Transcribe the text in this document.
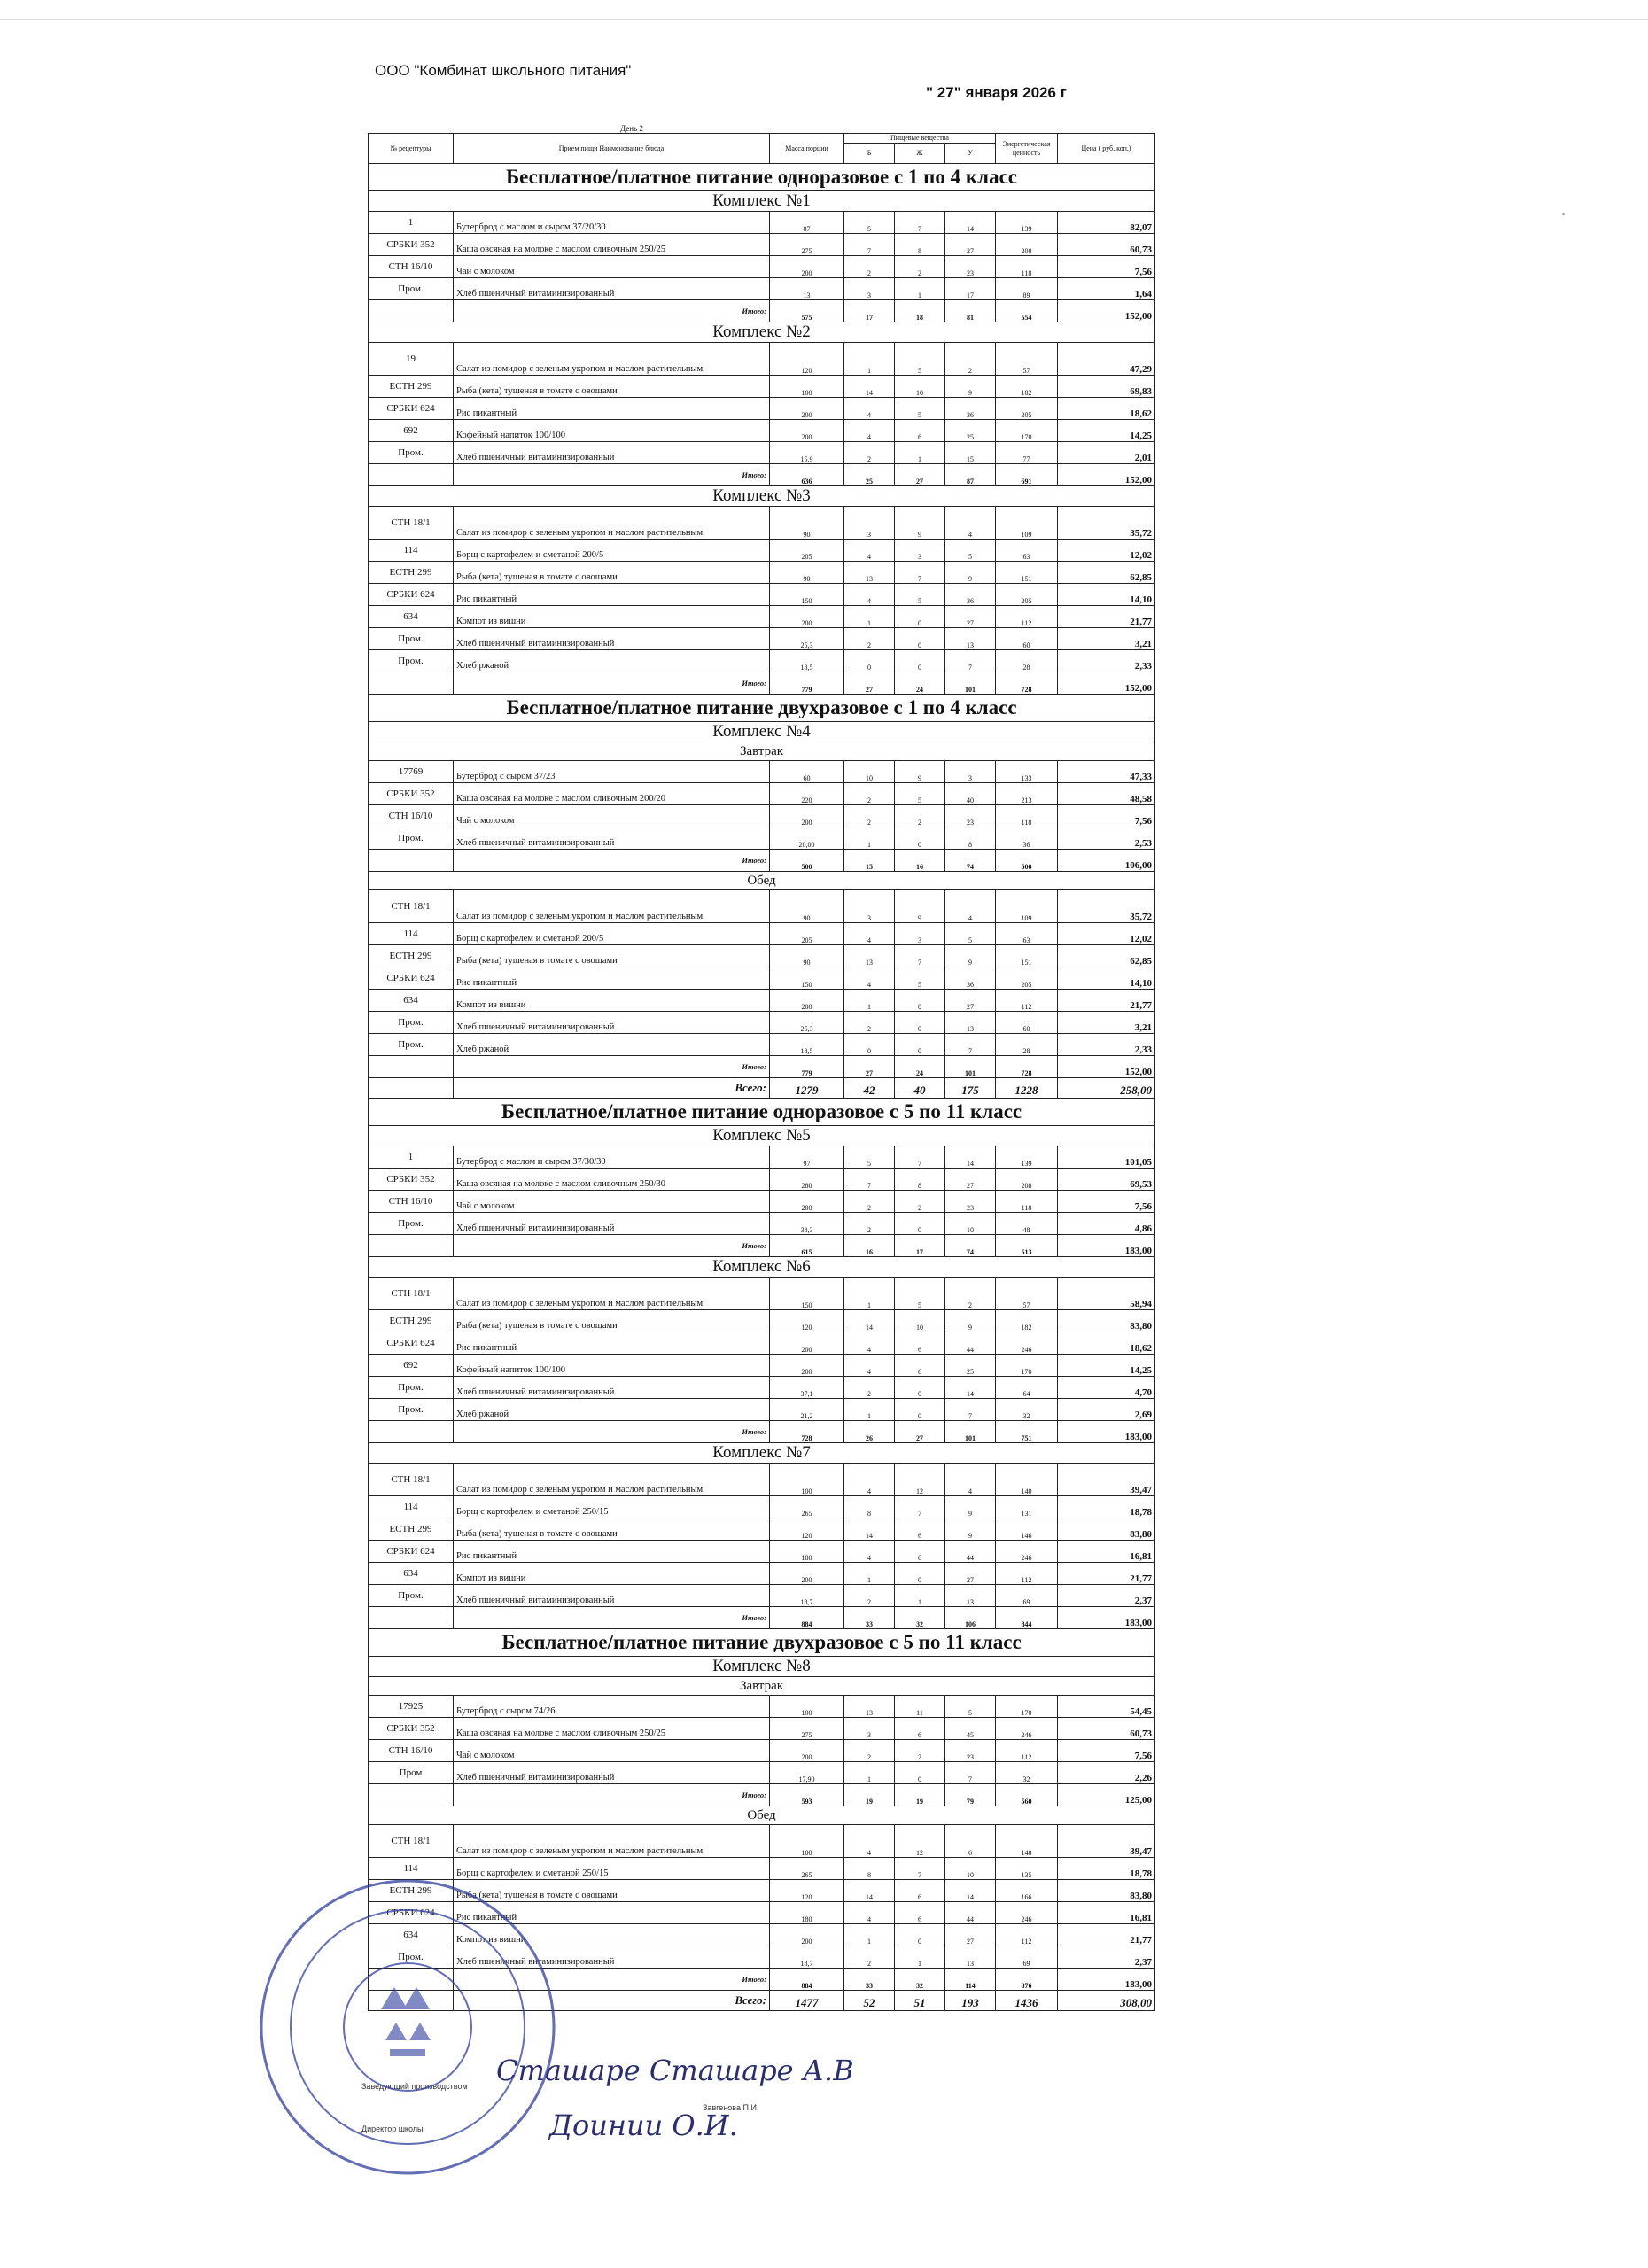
ООО "Комбинат школьного питания"
" 27" января 2026 г
День 2
№ рецептуры	Прием пищи Наименование блюда	Масса порции	Пищевые вещества			Энергетическая ценность	Цена ( руб.,коп.)
			Б	Ж	У		
Бесплатное/платное питание одноразовое с 1 по 4 класс							
Комплекс №1							
1	Бутерброд с маслом и сыром 37/20/30	87	5	7	14	139	82,07
СРБКИ 352	Каша овсяная на молоке с маслом сливочным 250/25	275	7	8	27	208	60,73
СТН 16/10	Чай с молоком	200	2	2	23	118	7,56
Пром.	Хлеб пшеничный витаминизированный	13	3	1	17	89	1,64
	Итого:	575	17	18	81	554	152,00
Комплекс №2							
19	Салат из помидор с зеленым укропом и маслом растительным	120	1	5	2	57	47,29
ЕСТН 299	Рыба (кета) тушеная в томате с овощами	100	14	10	9	182	69,83
СРБКИ 624	Рис пикантный	200	4	5	36	205	18,62
692	Кофейный напиток 100/100	200	4	6	25	170	14,25
Пром.	Хлеб пшеничный витаминизированный	15,9	2	1	15	77	2,01
	Итого:	636	25	27	87	691	152,00
Комплекс №3							
СТН 18/1	Салат из помидор с зеленым укропом и маслом растительным	90	3	9	4	109	35,72
114	Борщ с картофелем и сметаной 200/5	205	4	3	5	63	12,02
ЕСТН 299	Рыба (кета) тушеная в томате с овощами	90	13	7	9	151	62,85
СРБКИ 624	Рис пикантный	150	4	5	36	205	14,10
634	Компот из вишни	200	1	0	27	112	21,77
Пром.	Хлеб пшеничный витаминизированный	25,3	2	0	13	60	3,21
Пром.	Хлеб ржаной	18,5	0	0	7	28	2,33
	Итого:	779	27	24	101	728	152,00
Бесплатное/платное питание двухразовое с 1 по 4 класс							
Комплекс №4							
Завтрак							
17769	Бутерброд с сыром 37/23	60	10	9	3	133	47,33
СРБКИ 352	Каша овсяная на молоке с маслом сливочным 200/20	220	2	5	40	213	48,58
СТН 16/10	Чай с молоком	200	2	2	23	118	7,56
Пром.	Хлеб пшеничный витаминизированный	20,00	1	0	8	36	2,53
	Итого:	500	15	16	74	500	106,00
Обед							
СТН 18/1	Салат из помидор с зеленым укропом и маслом растительным	90	3	9	4	109	35,72
114	Борщ с картофелем и сметаной 200/5	205	4	3	5	63	12,02
ЕСТН 299	Рыба (кета) тушеная в томате с овощами	90	13	7	9	151	62,85
СРБКИ 624	Рис пикантный	150	4	5	36	205	14,10
634	Компот из вишни	200	1	0	27	112	21,77
Пром.	Хлеб пшеничный витаминизированный	25,3	2	0	13	60	3,21
Пром.	Хлеб ржаной	18,5	0	0	7	28	2,33
	Итого:	779	27	24	101	728	152,00
	Всего:	1279	42	40	175	1228	258,00
Бесплатное/платное питание одноразовое с 5 по 11 класс							
Комплекс №5							
1	Бутерброд с маслом и сыром 37/30/30	97	5	7	14	139	101,05
СРБКИ 352	Каша овсяная на молоке с маслом сливочным 250/30	280	7	8	27	208	69,53
СТН 16/10	Чай с молоком	200	2	2	23	118	7,56
Пром.	Хлеб пшеничный витаминизированный	38,3	2	0	10	48	4,86
	Итого:	615	16	17	74	513	183,00
Комплекс №6							
СТН 18/1	Салат из помидор с зеленым укропом и маслом растительным	150	1	5	2	57	58,94
ЕСТН 299	Рыба (кета) тушеная в томате с овощами	120	14	10	9	182	83,80
СРБКИ 624	Рис пикантный	200	4	6	44	246	18,62
692	Кофейный напиток 100/100	200	4	6	25	170	14,25
Пром.	Хлеб пшеничный витаминизированный	37,1	2	0	14	64	4,70
Пром.	Хлеб ржаной	21,2	1	0	7	32	2,69
	Итого:	728	26	27	101	751	183,00
Комплекс №7							
СТН 18/1	Салат из помидор с зеленым укропом и маслом растительным	100	4	12	4	140	39,47
114	Борщ с картофелем и сметаной 250/15	265	8	7	9	131	18,78
ЕСТН 299	Рыба (кета) тушеная в томате с овощами	120	14	6	9	146	83,80
СРБКИ 624	Рис пикантный	180	4	6	44	246	16,81
634	Компот из вишни	200	1	0	27	112	21,77
Пром.	Хлеб пшеничный витаминизированный	18,7	2	1	13	69	2,37
	Итого:	884	33	32	106	844	183,00
Бесплатное/платное питание двухразовое с 5 по 11 класс							
Комплекс №8							
Завтрак							
17925	Бутерброд с сыром 74/26	100	13	11	5	170	54,45
СРБКИ 352	Каша овсяная на молоке с маслом сливочным 250/25	275	3	6	45	246	60,73
СТН 16/10	Чай с молоком	200	2	2	23	112	7,56
Пром	Хлеб пшеничный витаминизированный	17,90	1	0	7	32	2,26
	Итого:	593	19	19	79	560	125,00
Обед							
СТН 18/1	Салат из помидор с зеленым укропом и маслом растительным	100	4	12	6	148	39,47
114	Борщ с картофелем и сметаной 250/15	265	8	7	10	135	18,78
ЕСТН 299	Рыба (кета) тушеная в томате с овощами	120	14	6	14	166	83,80
СРБКИ 624	Рис пикантный	180	4	6	44	246	16,81
634	Компот из вишни	200	1	0	27	112	21,77
Пром.	Хлеб пшеничный витаминизированный	18,7	2	1	13	69	2,37
	Итого:	884	33	32	114	876	183,00
	Всего:	1477	52	51	193	1436	308,00
Заведующий производством
Завгенова П.И.
Директор школы
Сташаре Сташаре А.В
Доинии О.И.
